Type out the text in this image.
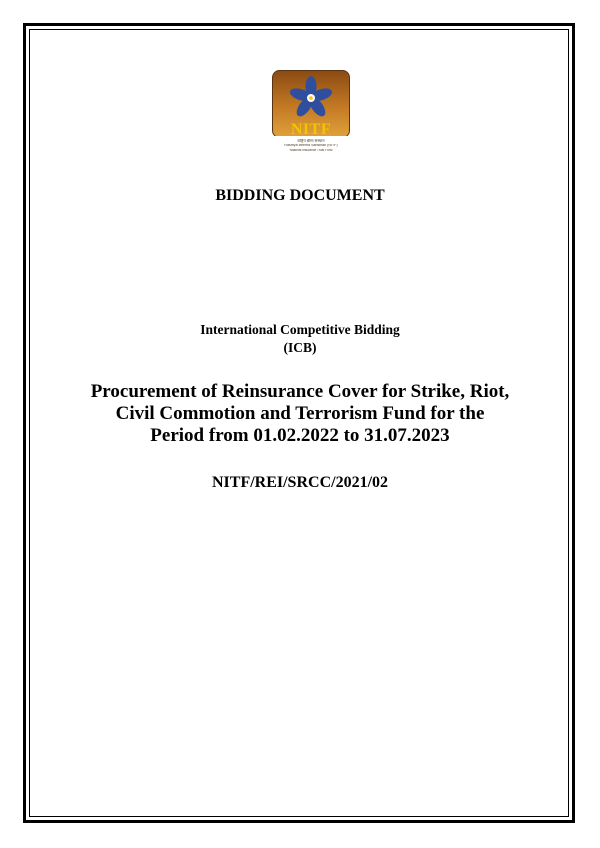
NITF
राष्ट्रिय बीमा संस्थान
Rastriya Beema Sansthan (NITF)
National Insurance Trust Fund
BIDDING DOCUMENT
International Competitive Bidding
(ICB)
Procurement of Reinsurance Cover for Strike, Riot,
Civil Commotion and Terrorism Fund for the
Period from 01.02.2022 to 31.07.2023
NITF/REI/SRCC/2021/02
